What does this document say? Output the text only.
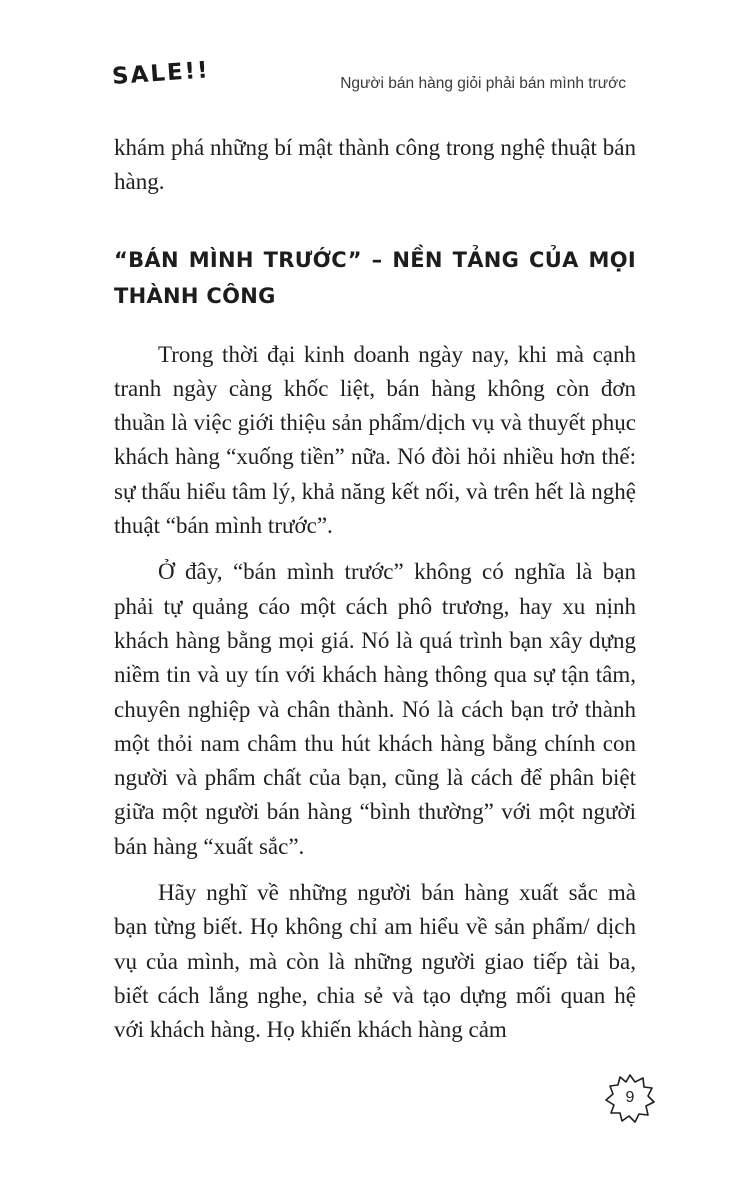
SALE!!	Người bán hàng giỏi phải bán mình trước

khám phá những bí mật thành công trong nghệ thuật bán hàng.

“BÁN MÌNH TRƯỚC” – NỀN TẢNG CỦA MỌI THÀNH CÔNG

Trong thời đại kinh doanh ngày nay, khi mà cạnh tranh ngày càng khốc liệt, bán hàng không còn đơn thuần là việc giới thiệu sản phẩm/dịch vụ và thuyết phục khách hàng “xuống tiền” nữa. Nó đòi hỏi nhiều hơn thế: sự thấu hiểu tâm lý, khả năng kết nối, và trên hết là nghệ thuật “bán mình trước”.

Ở đây, “bán mình trước” không có nghĩa là bạn phải tự quảng cáo một cách phô trương, hay xu nịnh khách hàng bằng mọi giá. Nó là quá trình bạn xây dựng niềm tin và uy tín với khách hàng thông qua sự tận tâm, chuyên nghiệp và chân thành. Nó là cách bạn trở thành một thỏi nam châm thu hút khách hàng bằng chính con người và phẩm chất của bạn, cũng là cách để phân biệt giữa một người bán hàng “bình thường” với một người bán hàng “xuất sắc”.

Hãy nghĩ về những người bán hàng xuất sắc mà bạn từng biết. Họ không chỉ am hiểu về sản phẩm/ dịch vụ của mình, mà còn là những người giao tiếp tài ba, biết cách lắng nghe, chia sẻ và tạo dựng mối quan hệ với khách hàng. Họ khiến khách hàng cảm

9
